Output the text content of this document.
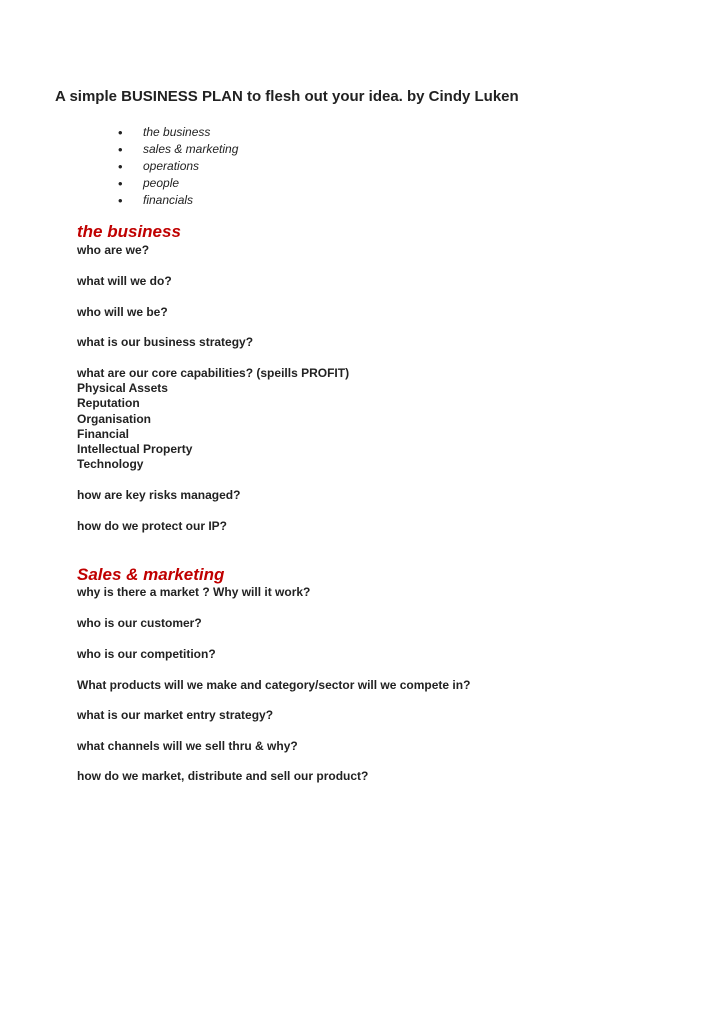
A simple BUSINESS PLAN to flesh out your idea. by Cindy Luken
• the business
• sales & marketing
• operations
• people
• financials
the business
who are we?
what will we do?
who will we be?
what is our business strategy?
what are our core capabilities? (speills PROFIT)
Physical Assets
Reputation
Organisation
Financial
Intellectual Property
Technology
how are key risks managed?
how do we protect our IP?
Sales & marketing
why is there a market ? Why will it work?
who is our customer?
who is our competition?
What products will we make and category/sector will we compete in?
what is our market entry strategy?
what channels will we sell thru & why?
how do we market, distribute and sell our product?
